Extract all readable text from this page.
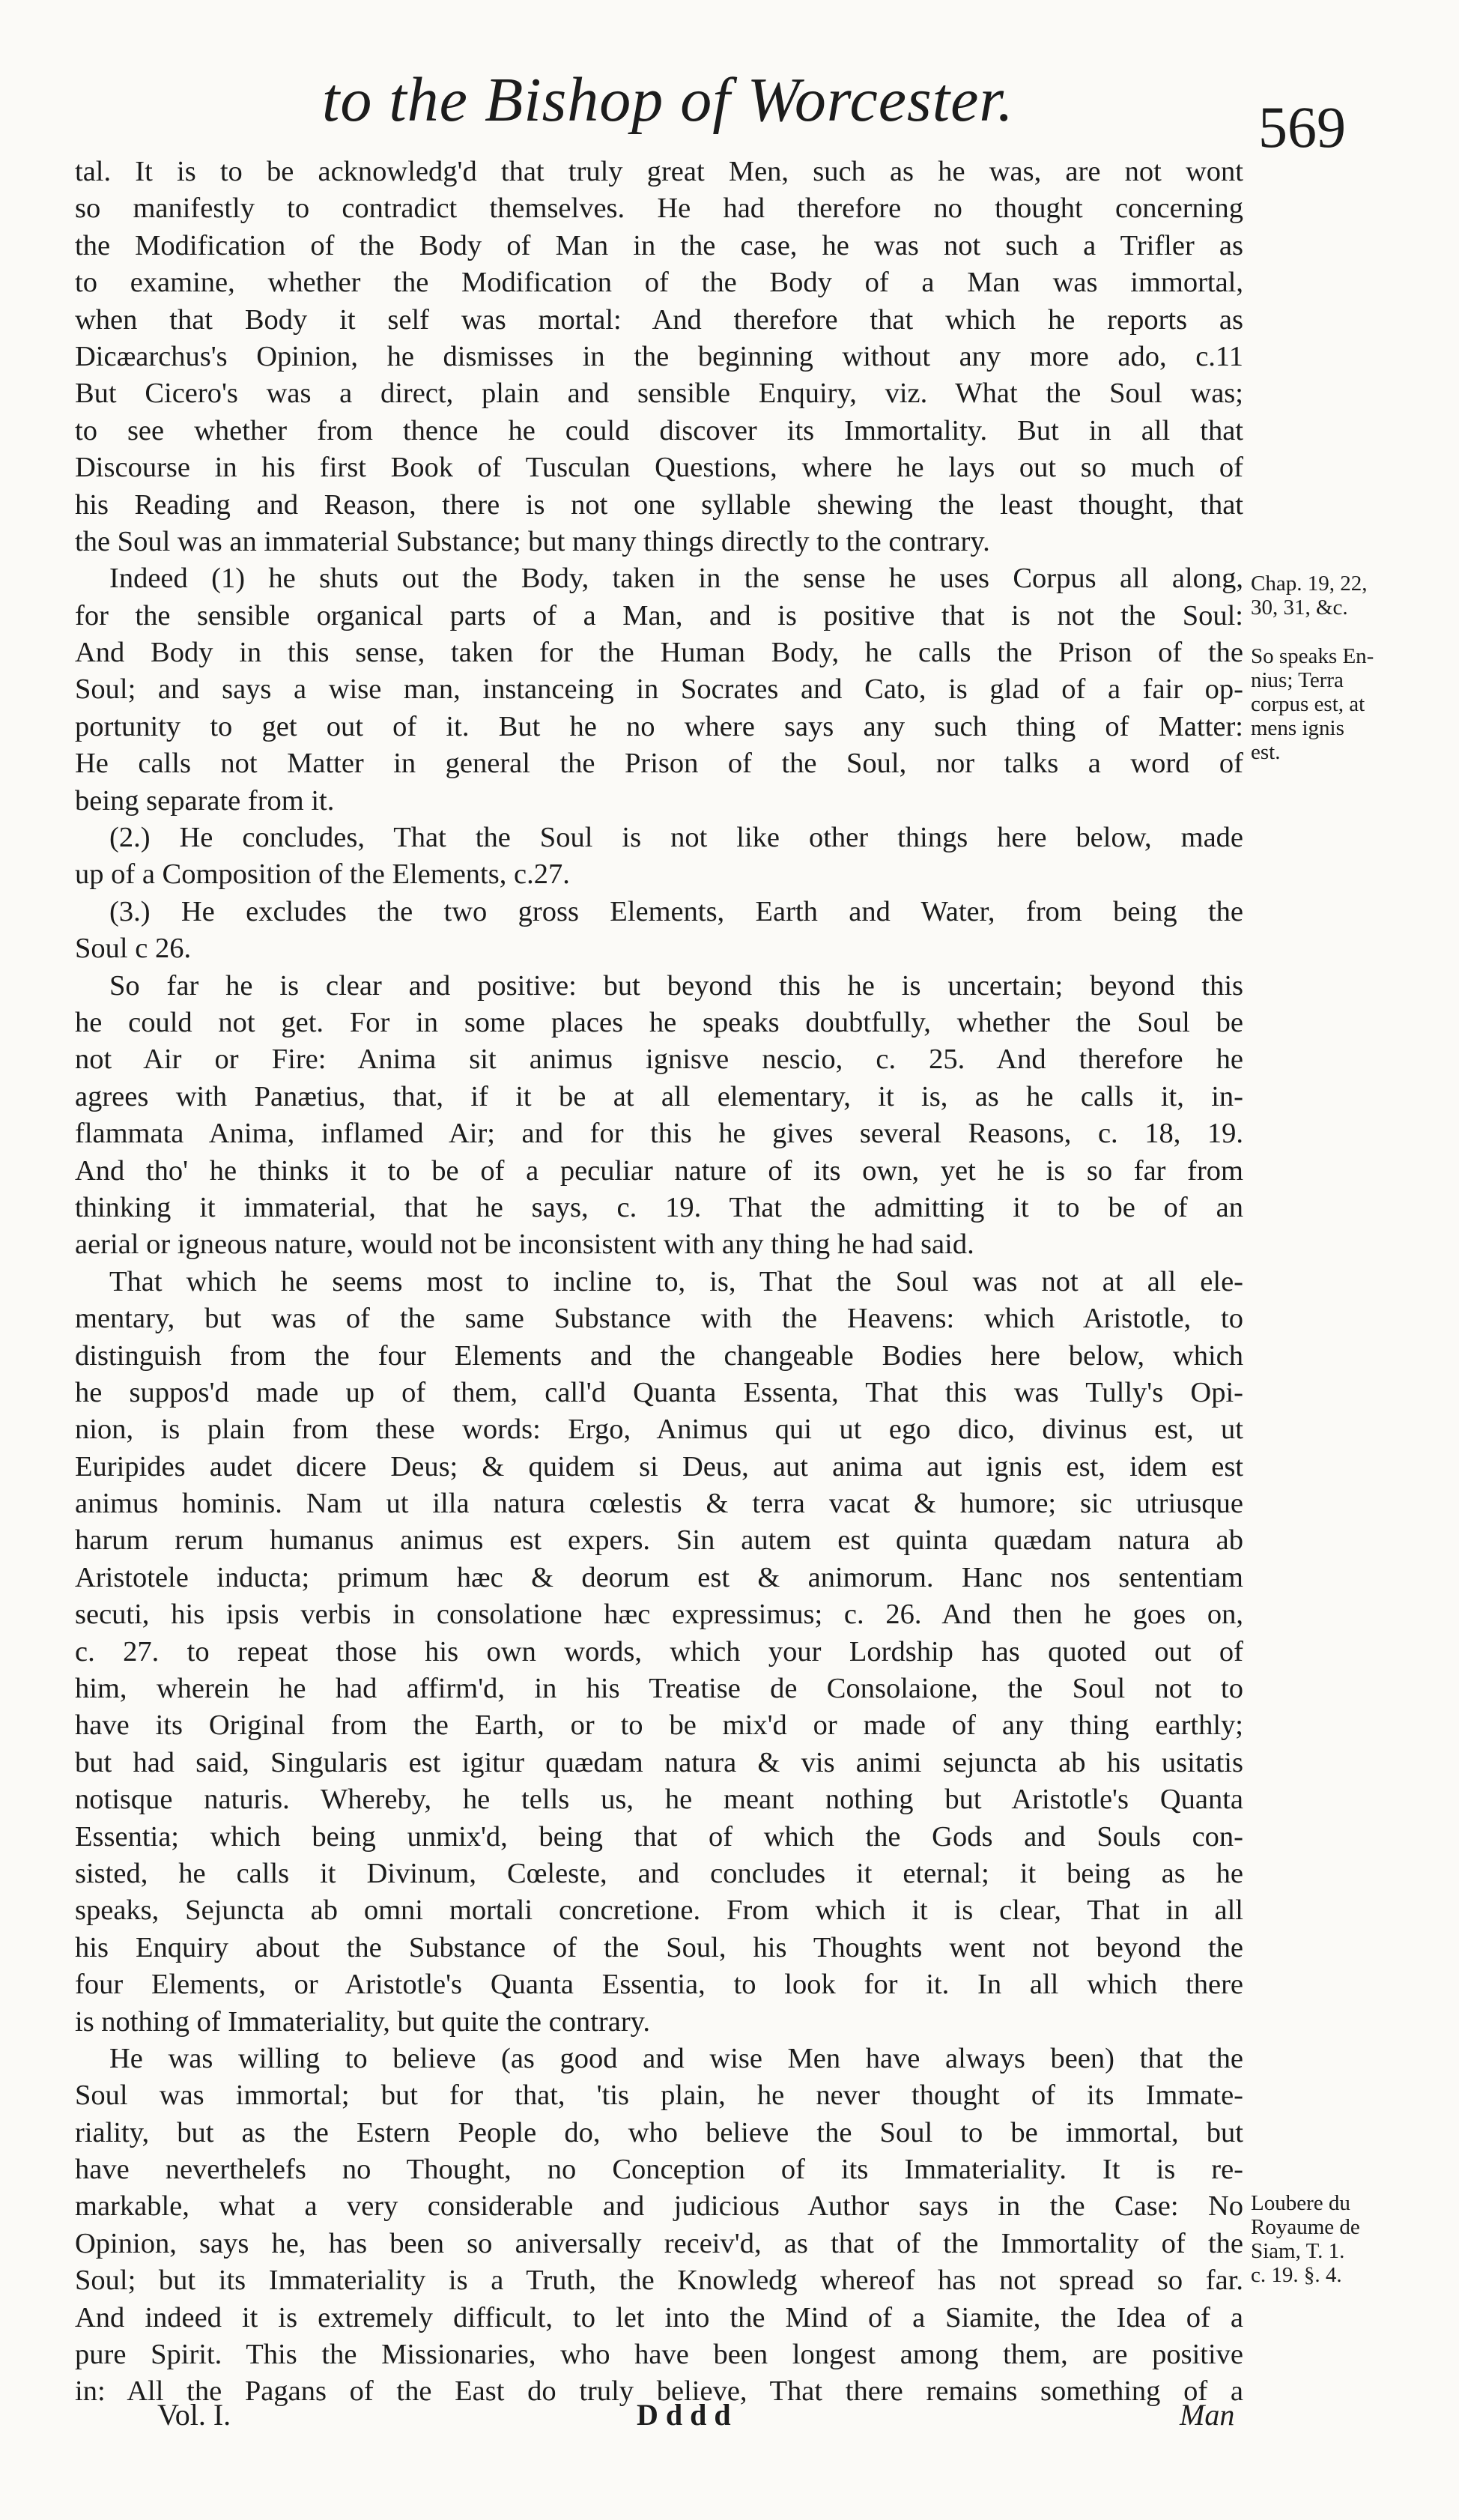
to the Bishop of Worcester.	569
tal. It is to be acknowledg'd that truly great Men, such as he was, are not wont
so manifestly to contradict themselves. He had therefore no thought concerning
the Modification of the Body of Man in the case, he was not such a Trifler as
to examine, whether the Modification of the Body of a Man was immortal,
when that Body it self was mortal: And therefore that which he reports as
Dicæarchus's Opinion, he dismisses in the beginning without any more ado, c.11
But Cicero's was a direct, plain and sensible Enquiry, viz. What the Soul was;
to see whether from thence he could discover its Immortality. But in all that
Discourse in his first Book of Tusculan Questions, where he lays out so much of
his Reading and Reason, there is not one syllable shewing the least thought, that
the Soul was an immaterial Substance; but many things directly to the contrary.
Indeed (1) he shuts out the Body, taken in the sense he uses Corpus all along,
for the sensible organical parts of a Man, and is positive that is not the Soul:
And Body in this sense, taken for the Human Body, he calls the Prison of the
Soul; and says a wise man, instanceing in Socrates and Cato, is glad of a fair op-
portunity to get out of it. But he no where says any such thing of Matter:
He calls not Matter in general the Prison of the Soul, nor talks a word of
being separate from it.
(2.) He concludes, That the Soul is not like other things here below, made
up of a Composition of the Elements, c.27.
(3.) He excludes the two gross Elements, Earth and Water, from being the
Soul c 26.
So far he is clear and positive: but beyond this he is uncertain; beyond this
he could not get. For in some places he speaks doubtfully, whether the Soul be
not Air or Fire: Anima sit animus ignisve nescio, c. 25. And therefore he
agrees with Panætius, that, if it be at all elementary, it is, as he calls it, in-
flammata Anima, inflamed Air; and for this he gives several Reasons, c. 18, 19.
And tho' he thinks it to be of a peculiar nature of its own, yet he is so far from
thinking it immaterial, that he says, c. 19. That the admitting it to be of an
aerial or igneous nature, would not be inconsistent with any thing he had said.
That which he seems most to incline to, is, That the Soul was not at all ele-
mentary, but was of the same Substance with the Heavens: which Aristotle, to
distinguish from the four Elements and the changeable Bodies here below, which
he suppos'd made up of them, call'd Quanta Essenta, That this was Tully's Opi-
nion, is plain from these words: Ergo, Animus qui ut ego dico, divinus est, ut
Euripides audet dicere Deus; & quidem si Deus, aut anima aut ignis est, idem est
animus hominis. Nam ut illa natura cœlestis & terra vacat & humore; sic utriusque
harum rerum humanus animus est expers. Sin autem est quinta quædam natura ab
Aristotele inducta; primum hæc & deorum est & animorum. Hanc nos sententiam
secuti, his ipsis verbis in consolatione hæc expressimus; c. 26. And then he goes on,
c. 27. to repeat those his own words, which your Lordship has quoted out of
him, wherein he had affirm'd, in his Treatise de Consolaione, the Soul not to
have its Original from the Earth, or to be mix'd or made of any thing earthly;
but had said, Singularis est igitur quædam natura & vis animi sejuncta ab his usitatis
notisque naturis. Whereby, he tells us, he meant nothing but Aristotle's Quanta
Essentia; which being unmix'd, being that of which the Gods and Souls con-
sisted, he calls it Divinum, Cœleste, and concludes it eternal; it being as he
speaks, Sejuncta ab omni mortali concretione. From which it is clear, That in all
his Enquiry about the Substance of the Soul, his Thoughts went not beyond the
four Elements, or Aristotle's Quanta Essentia, to look for it. In all which there
is nothing of Immateriality, but quite the contrary.
He was willing to believe (as good and wise Men have always been) that the
Soul was immortal; but for that, 'tis plain, he never thought of its Immate-
riality, but as the Estern People do, who believe the Soul to be immortal, but
have neverthelefs no Thought, no Conception of its Immateriality. It is re-
markable, what a very considerable and judicious Author says in the Case: No
Opinion, says he, has been so aniversally receiv'd, as that of the Immortality of the
Soul; but its Immateriality is a Truth, the Knowledg whereof has not spread so far.
And indeed it is extremely difficult, to let into the Mind of a Siamite, the Idea of a
pure Spirit. This the Missionaries, who have been longest among them, are positive
in: All the Pagans of the East do truly believe, That there remains something of a
Chap. 19, 22,
30, 31, &c.
So speaks En-
nius; Terra
corpus est, at
mens ignis
est.
Loubere du
Royaume de
Siam, T. 1.
c. 19. §. 4.
Vol. I.	Dddd	Man
